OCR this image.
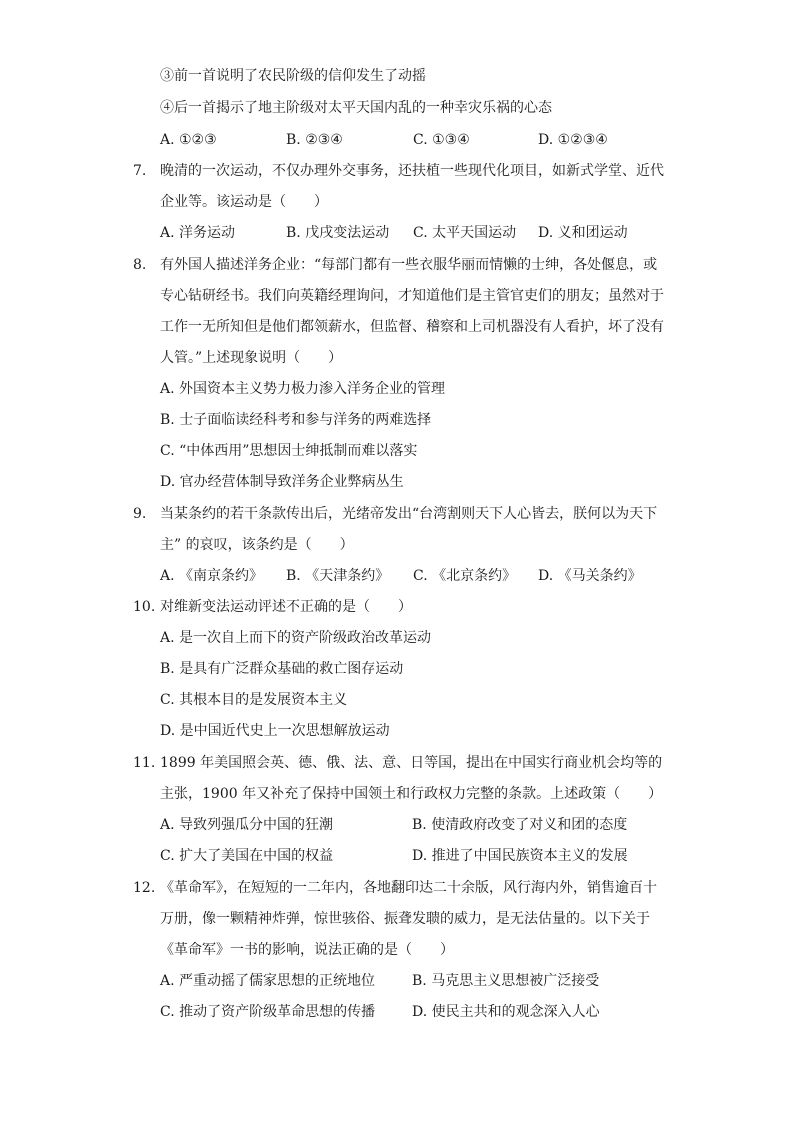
③前一首说明了农民阶级的信仰发生了动摇
④后一首揭示了地主阶级对太平天国内乱的一种幸灾乐祸的心态
A. ①②③	B. ②③④	C. ①③④	D. ①②③④
7. 晚清的一次运动，不仅办理外交事务，还扶植一些现代化项目，如新式学堂、近代
企业等。该运动是（　　）
A. 洋务运动	B. 戊戌变法运动 C. 太平天国运动 D. 义和团运动
8. 有外国人描述洋务企业：“每部门都有一些衣服华丽而情懒的士绅，各处偃息，或
专心钻研经书。我们向英籍经理询问，才知道他们是主管官吏们的朋友；虽然对于
工作一无所知但是他们都领薪水，但监督、稽察和上司机器没有人看护，坏了没有
人管。”上述现象说明（　　）
A. 外国资本主义势力极力渗入洋务企业的管理
B. 士子面临读经科考和参与洋务的两难选择
C. “中体西用”思想因士绅抵制而难以落实
D. 官办经营体制导致洋务企业弊病丛生
9. 当某条约的若干条款传出后，光绪帝发出“台湾割则天下人心皆去，朕何以为天下
主” 的哀叹，该条约是（　　）
A. 《南京条约》 B. 《天津条约》 C. 《北京条约》 D. 《马关条约》
10. 对维新变法运动评述不正确的是（　　）
A. 是一次自上而下的资产阶级政治改革运动
B. 是具有广泛群众基础的救亡图存运动
C. 其根本目的是发展资本主义
D. 是中国近代史上一次思想解放运动
11. 1899 年美国照会英、德、俄、法、意、日等国，提出在中国实行商业机会均等的
主张，1900 年又补充了保持中国领土和行政权力完整的条款。上述政策（　　）
A. 导致列强瓜分中国的狂潮	B. 使清政府改变了对义和团的态度
C. 扩大了美国在中国的权益	D. 推进了中国民族资本主义的发展
12. 《革命军》，在短短的一二年内，各地翻印达二十余版，风行海内外，销售逾百十
万册，像一颗精神炸弹，惊世骇俗、振聋发聩的威力，是无法估量的。以下关于
《革命军》一书的影响，说法正确的是（　　）
A. 严重动摇了儒家思想的正统地位	B. 马克思主义思想被广泛接受
C. 推动了资产阶级革命思想的传播	D. 使民主共和的观念深入人心
